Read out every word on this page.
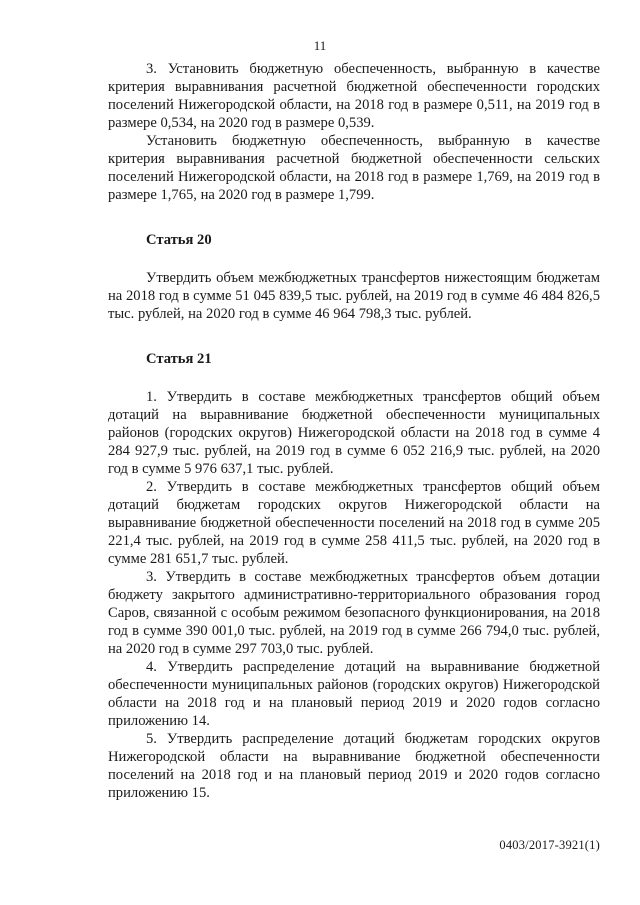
11

3. Установить бюджетную обеспеченность, выбранную в качестве критерия выравнивания расчетной бюджетной обеспеченности городских поселений Нижегородской области, на 2018 год в размере 0,511, на 2019 год в размере 0,534, на 2020 год в размере 0,539.

Установить бюджетную обеспеченность, выбранную в качестве критерия выравнивания расчетной бюджетной обеспеченности сельских поселений Нижегородской области, на 2018 год в размере 1,769, на 2019 год в размере 1,765, на 2020 год в размере 1,799.

Статья 20

Утвердить объем межбюджетных трансфертов нижестоящим бюджетам на 2018 год в сумме 51 045 839,5 тыс. рублей, на 2019 год в сумме 46 484 826,5 тыс. рублей, на 2020 год в сумме 46 964 798,3 тыс. рублей.

Статья 21

1. Утвердить в составе межбюджетных трансфертов общий объем дотаций на выравнивание бюджетной обеспеченности муниципальных районов (городских округов) Нижегородской области на 2018 год в сумме 4 284 927,9 тыс. рублей, на 2019 год в сумме 6 052 216,9 тыс. рублей, на 2020 год в сумме 5 976 637,1 тыс. рублей.

2. Утвердить в составе межбюджетных трансфертов общий объем дотаций бюджетам городских округов Нижегородской области на выравнивание бюджетной обеспеченности поселений на 2018 год в сумме 205 221,4 тыс. рублей, на 2019 год в сумме 258 411,5 тыс. рублей, на 2020 год в сумме 281 651,7 тыс. рублей.

3. Утвердить в составе межбюджетных трансфертов объем дотации бюджету закрытого административно-территориального образования город Саров, связанной с особым режимом безопасного функционирования, на 2018 год в сумме 390 001,0 тыс. рублей, на 2019 год в сумме 266 794,0 тыс. рублей, на 2020 год в сумме 297 703,0 тыс. рублей.

4. Утвердить распределение дотаций на выравнивание бюджетной обеспеченности муниципальных районов (городских округов) Нижегородской области на 2018 год и на плановый период 2019 и 2020 годов согласно приложению 14.

5. Утвердить распределение дотаций бюджетам городских округов Нижегородской области на выравнивание бюджетной обеспеченности поселений на 2018 год и на плановый период 2019 и 2020 годов согласно приложению 15.

0403/2017-3921(1)
